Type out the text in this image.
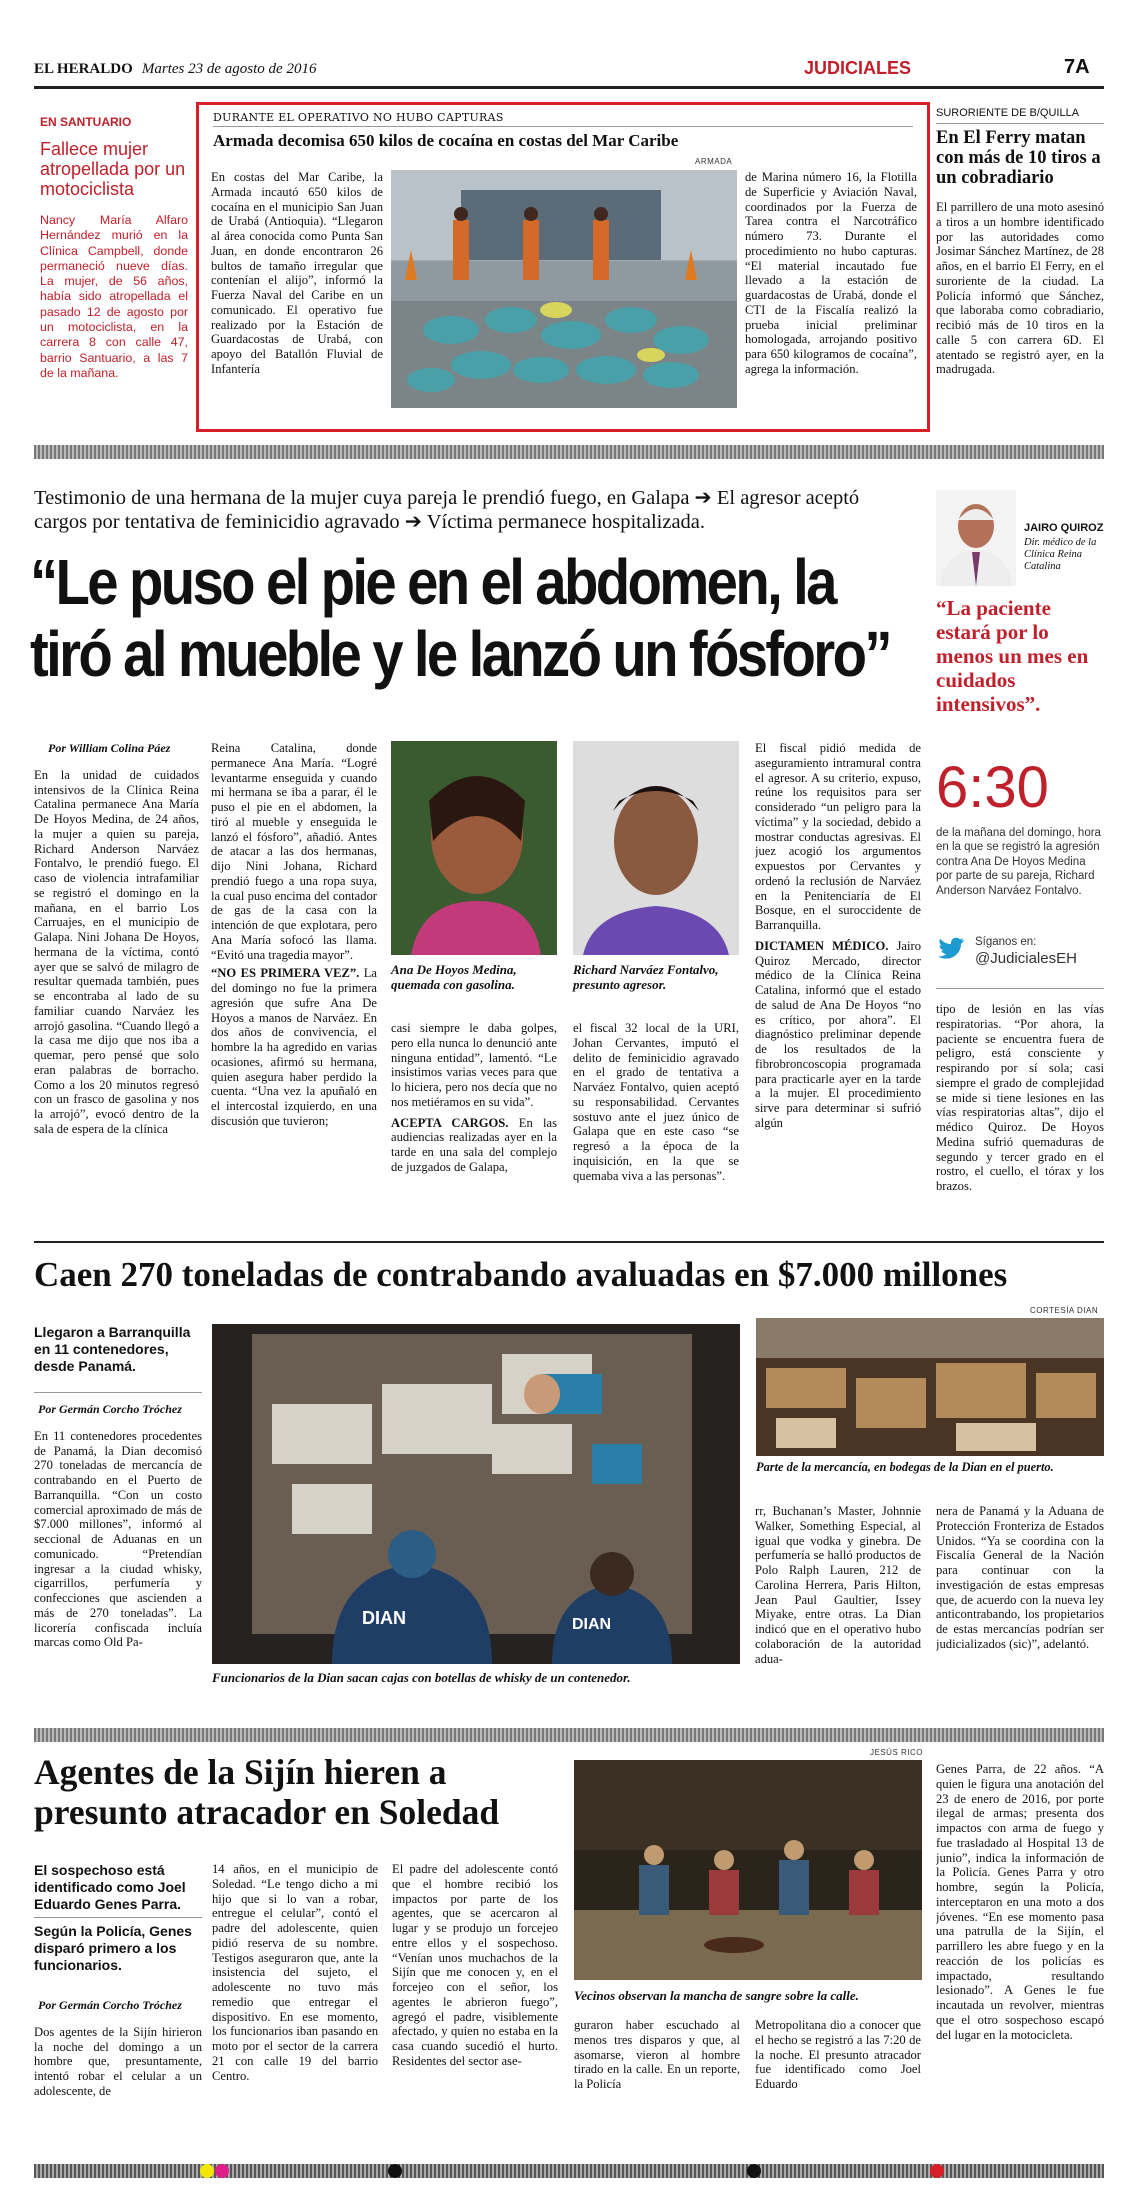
EL HERALDO Martes 23 de agosto de 2016	JUDICIALES	7A
EN SANTUARIO
Fallece mujer atropellada por un motociclista
Nancy María Alfaro Hernández murió en la Clínica Campbell, donde permaneció nueve días. La mujer, de 56 años, había sido atropellada el pasado 12 de agosto por un motociclista, en la carrera 8 con calle 47, barrio Santuario, a las 7 de la mañana.
DURANTE EL OPERATIVO NO HUBO CAPTURAS
Armada decomisa 650 kilos de cocaína en costas del Mar Caribe
ARMADA
En costas del Mar Caribe, la Armada incautó 650 kilos de cocaína en el municipio San Juan de Urabá (Antioquia). “Llegaron al área conocida como Punta San Juan, en donde encontraron 26 bultos de tamaño irregular que contenían el alijo”, informó la Fuerza Naval del Caribe en un comunicado. El operativo fue realizado por la Estación de Guardacostas de Urabá, con apoyo del Batallón Fluvial de Infantería
de Marina número 16, la Flotilla de Superficie y Aviación Naval, coordinados por la Fuerza de Tarea contra el Narcotráfico número 73. Durante el procedimiento no hubo capturas. “El material incautado fue llevado a la estación de guardacostas de Urabá, donde el CTI de la Fiscalía realizó la prueba inicial preliminar homologada, arrojando positivo para 650 kilogramos de cocaína”, agrega la información.
SURORIENTE DE B/QUILLA
En El Ferry matan con más de 10 tiros a un cobradiario
El parrillero de una moto asesinó a tiros a un hombre identificado por las autoridades como Josimar Sánchez Martínez, de 28 años, en el barrio El Ferry, en el suroriente de la ciudad. La Policía informó que Sánchez, que laboraba como cobradiario, recibió más de 10 tiros en la calle 5 con carrera 6D. El atentado se registró ayer, en la madrugada.
Testimonio de una hermana de la mujer cuya pareja le prendió fuego, en Galapa ➔ El agresor aceptó cargos por tentativa de feminicidio agravado ➔ Víctima permanece hospitalizada.
“Le puso el pie en el abdomen, la
tiró al mueble y le lanzó un fósforo”
JAIRO QUIROZ
Dir. médico de la Clínica Reina Catalina
“La paciente estará por lo menos un mes en cuidados intensivos”.

Por William Colina Páez

En la unidad de cuidados intensivos de la Clínica Reina Catalina permanece Ana María De Hoyos Medina, de 24 años, la mujer a quien su pareja, Richard Anderson Narváez Fontalvo, le prendió fuego. El caso de violencia intrafamiliar se registró el domingo en la mañana, en el barrio Los Carruajes, en el municipio de Galapa. Nini Johana De Hoyos, hermana de la víctima, contó ayer que se salvó de milagro de resultar quemada también, pues se encontraba al lado de su familiar cuando Narváez les arrojó gasolina. “Cuando llegó a la casa me dijo que nos iba a quemar, pero pensé que solo eran palabras de borracho. Como a los 20 minutos regresó con un frasco de gasolina y nos la arrojó”, evocó dentro de la sala de espera de la clínica

Reina Catalina, donde permanece Ana María. “Logré levantarme enseguida y cuando mi hermana se iba a parar, él le puso el pie en el abdomen, la tiró al mueble y enseguida le lanzó el fósforo”, añadió. Antes de atacar a las dos hermanas, dijo Nini Johana, Richard prendió fuego a una ropa suya, la cual puso encima del contador de gas de la casa con la intención de que explotara, pero Ana María sofocó las llama. “Evitó una tragedia mayor”.

“NO ES PRIMERA VEZ”. La del domingo no fue la primera agresión que sufre Ana De Hoyos a manos de Narváez. En dos años de convivencia, el hombre la ha agredido en varias ocasiones, afirmó su hermana, quien asegura haber perdido la cuenta. “Una vez la apuñaló en el intercostal izquierdo, en una discusión que tuvieron;

Ana De Hoyos Medina, quemada con gasolina.
Richard Narváez Fontalvo, presunto agresor.

casi siempre le daba golpes, pero ella nunca lo denunció ante ninguna entidad”, lamentó. “Le insistimos varias veces para que lo hiciera, pero nos decía que no nos metiéramos en su vida”.

ACEPTA CARGOS. En las audiencias realizadas ayer en la tarde en una sala del complejo de juzgados de Galapa,

el fiscal 32 local de la URI, Johan Cervantes, imputó el delito de feminicidio agravado en el grado de tentativa a Narváez Fontalvo, quien aceptó su responsabilidad. Cervantes sostuvo ante el juez único de Galapa que en este caso “se regresó a la época de la inquisición, en la que se quemaba viva a las personas”.

El fiscal pidió medida de aseguramiento intramural contra el agresor. A su criterio, expuso, reúne los requisitos para ser considerado “un peligro para la víctima” y la sociedad, debido a mostrar conductas agresivas. El juez acogió los argumentos expuestos por Cervantes y ordenó la reclusión de Narváez en la Penitenciaría de El Bosque, en el suroccidente de Barranquilla.

DICTAMEN MÉDICO. Jairo Quiroz Mercado, director médico de la Clínica Reina Catalina, informó que el estado de salud de Ana De Hoyos “no es crítico, por ahora”. El diagnóstico preliminar depende de los resultados de la fibrobroncoscopia programada para practicarle ayer en la tarde a la mujer. El procedimiento sirve para determinar si sufrió algún

6:30
de la mañana del domingo, hora en la que se registró la agresión contra Ana De Hoyos Medina por parte de su pareja, Richard Anderson Narváez Fontalvo.
Síganos en:
@JudicialesEH

tipo de lesión en las vías respiratorias. “Por ahora, la paciente se encuentra fuera de peligro, está consciente y respirando por sí sola; casi siempre el grado de complejidad se mide si tiene lesiones en las vías respiratorias altas”, dijo el médico Quiroz. De Hoyos Medina sufrió quemaduras de segundo y tercer grado en el rostro, el cuello, el tórax y los brazos.

Caen 270 toneladas de contrabando avaluadas en $7.000 millones
CORTESÍA DIAN
Llegaron a Barranquilla en 11 contenedores, desde Panamá.

Por Germán Corcho Tróchez

En 11 contenedores procedentes de Panamá, la Dian decomisó 270 toneladas de mercancía de contrabando en el Puerto de Barranquilla. “Con un costo comercial aproximado de más de $7.000 millones”, informó al seccional de Aduanas en un comunicado. “Pretendían ingresar a la ciudad whisky, cigarrillos, perfumería y confecciones que ascienden a más de 270 toneladas”. La licorería confiscada incluía marcas como Old Pa-

DIAN	DIAN
Funcionarios de la Dian sacan cajas con botellas de whisky de un contenedor.
Parte de la mercancía, en bodegas de la Dian en el puerto.

rr, Buchanan’s Master, Johnnie Walker, Something Especial, al igual que vodka y ginebra. De perfumería se halló productos de Polo Ralph Lauren, 212 de Carolina Herrera, Paris Hilton, Jean Paul Gaultier, Issey Miyake, entre otras. La Dian indicó que en el operativo hubo colaboración de la autoridad adua-

nera de Panamá y la Aduana de Protección Fronteriza de Estados Unidos. “Ya se coordina con la Fiscalía General de la Nación para continuar con la investigación de estas empresas que, de acuerdo con la nueva ley anticontrabando, los propietarios de estas mercancías podrían ser judicializados (sic)”, adelantó.

Agentes de la Sijín hieren a
presunto atracador en Soledad
JESÚS RICO
El sospechoso está identificado como Joel Eduardo Genes Parra.
Según la Policía, Genes disparó primero a los funcionarios.

Por Germán Corcho Tróchez

Dos agentes de la Sijín hirieron la noche del domingo a un hombre que, presuntamente, intentó robar el celular a un adolescente, de

14 años, en el municipio de Soledad. “Le tengo dicho a mi hijo que si lo van a robar, entregue el celular”, contó el padre del adolescente, quien pidió reserva de su nombre. Testigos aseguraron que, ante la insistencia del sujeto, el adolescente no tuvo más remedio que entregar el dispositivo. En ese momento, los funcionarios iban pasando en moto por el sector de la carrera 21 con calle 19 del barrio Centro.

El padre del adolescente contó que el hombre recibió los impactos por parte de los agentes, que se acercaron al lugar y se produjo un forcejeo entre ellos y el sospechoso. “Venían unos muchachos de la Sijín que me conocen y, en el forcejeo con el señor, los agentes le abrieron fuego”, agregó el padre, visiblemente afectado, y quien no estaba en la casa cuando sucedió el hurto. Residentes del sector ase-

Vecinos observan la mancha de sangre sobre la calle.

guraron haber escuchado al menos tres disparos y que, al asomarse, vieron al hombre tirado en la calle. En un reporte, la Policía

Metropolitana dio a conocer que el hecho se registró a las 7:20 de la noche. El presunto atracador fue identificado como Joel Eduardo

Genes Parra, de 22 años. “A quien le figura una anotación del 23 de enero de 2016, por porte ilegal de armas; presenta dos impactos con arma de fuego y fue trasladado al Hospital 13 de junio”, indica la información de la Policía. Genes Parra y otro hombre, según la Policía, interceptaron en una moto a dos jóvenes. “En ese momento pasa una patrulla de la Sijín, el parrillero les abre fuego y en la reacción de los policías es impactado, resultando lesionado”. A Genes le fue incautada un revolver, mientras que el otro sospechoso escapó del lugar en la motocicleta.
